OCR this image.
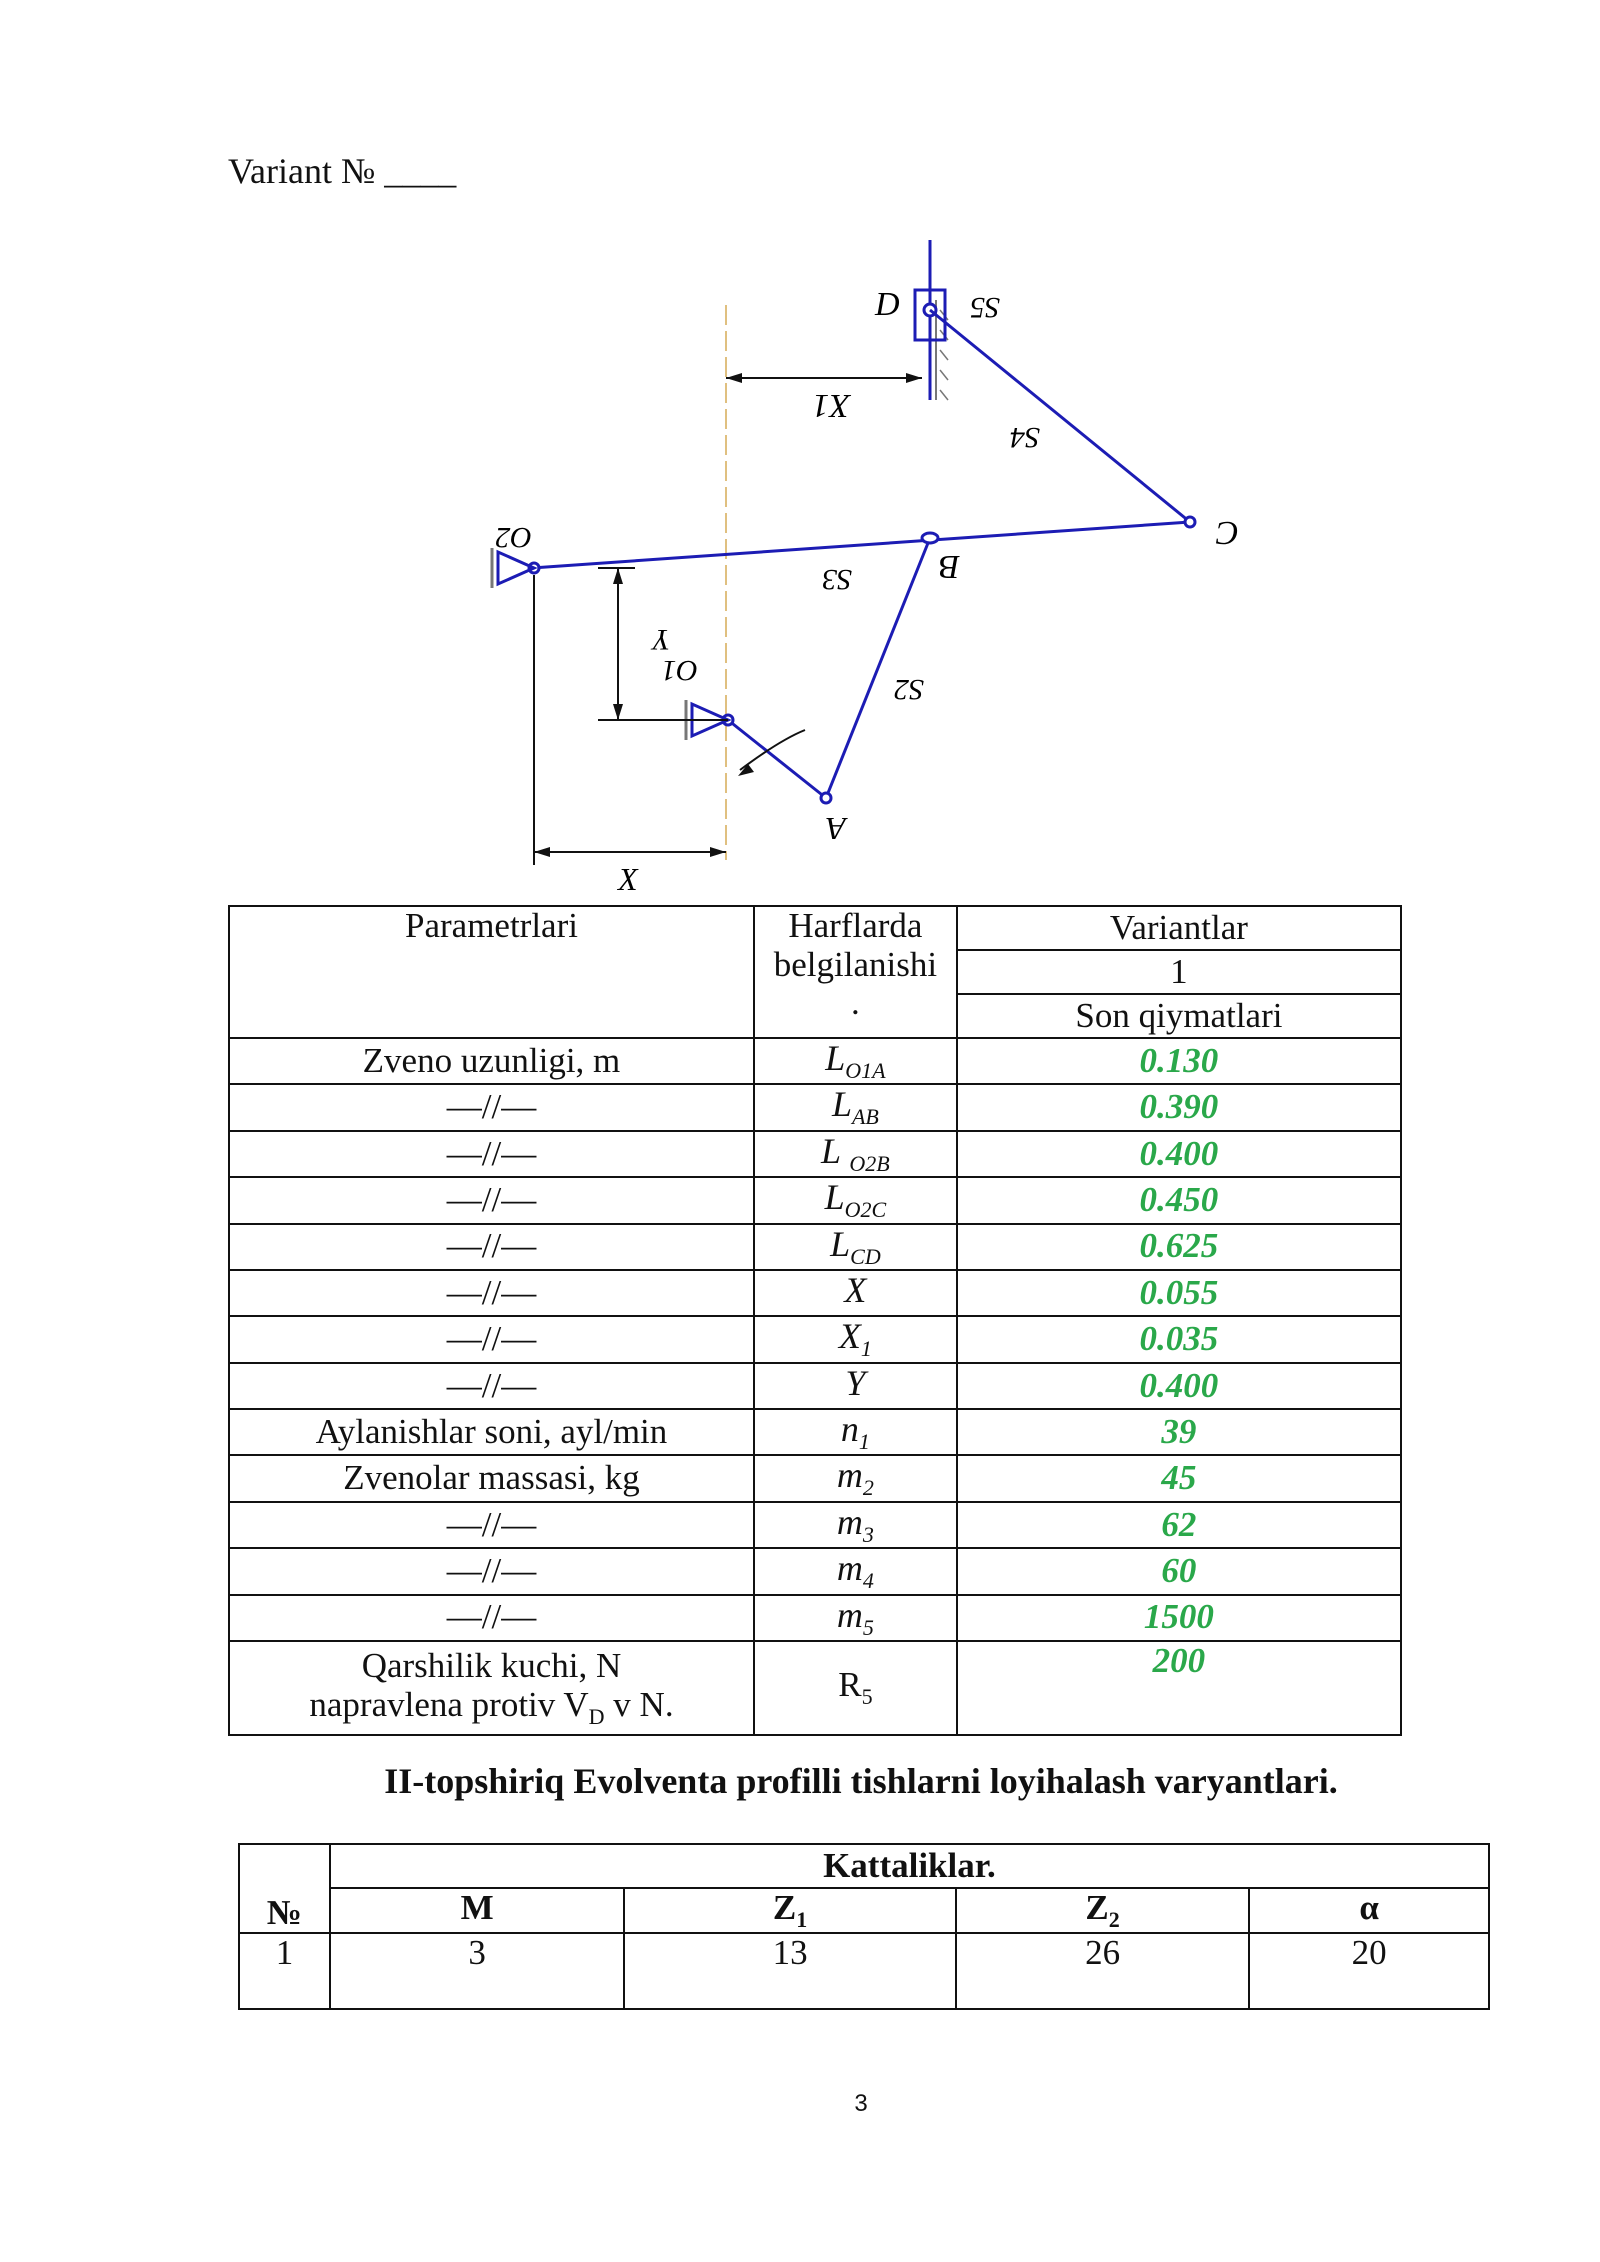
Variant № ____
D S5
X1
S4
C
O2
S3	B
Y
O1
S2
A
X
Parametrlari	Harflarda
belgilanishi
.	Variantlar
		1
		Son qiymatlari
Zveno uzunligi, m	$L_{O1A}$	0.130
—//—	$L_{AB}$	0.390
—//—	L $_{O2B}$	0.400
—//—	$L_{O2C}$	0.450
—//—	$L_{CD}$	0.625
—//—	X	0.055
—//—	$X_1$	0.035
—//—	Y	0.400
Aylanishlar soni, ayl/min	$n_1$	39
Zvenolar massasi, kg	$m_2$	45
—//—	$m_3$	62
—//—	$m_4$	60
—//—	$m_5$	1500

Qarshilik kuchi, N
napravlena protiv $V_D$ v N.	$R_5$	200
II-topshiriq Evolventa profilli tishlarni loyihalash varyantlari.
№	Kattaliklar.			
	M	$Z_1$	$Z_2$	α
1	3	13	26	20
3
